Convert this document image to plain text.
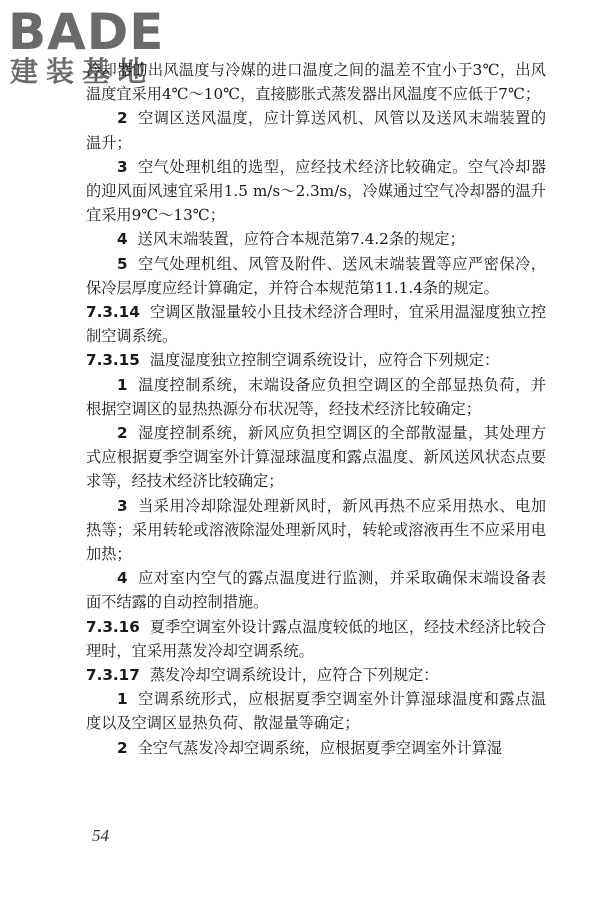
BADE
建装基地

冷却器的出风温度与冷媒的进口温度之间的温差不宜小于3℃，出风温度宜采用4℃～10℃，直接膨胀式蒸发器出风温度不应低于7℃；

2 空调区送风温度，应计算送风机、风管以及送风末端装置的温升；

3 空气处理机组的选型，应经技术经济比较确定。空气冷却器的迎风面风速宜采用1.5 m/s～2.3m/s，冷媒通过空气冷却器的温升宜采用9℃～13℃；

4 送风末端装置，应符合本规范第7.4.2条的规定；

5 空气处理机组、风管及附件、送风末端装置等应严密保冷，保冷层厚度应经计算确定，并符合本规范第11.1.4条的规定。

7.3.14 空调区散湿量较小且技术经济合理时，宜采用温湿度独立控制空调系统。

7.3.15 温度湿度独立控制空调系统设计，应符合下列规定：

1 温度控制系统，末端设备应负担空调区的全部显热负荷，并根据空调区的显热热源分布状况等，经技术经济比较确定；

2 湿度控制系统，新风应负担空调区的全部散湿量，其处理方式应根据夏季空调室外计算湿球温度和露点温度、新风送风状态点要求等，经技术经济比较确定；

3 当采用冷却除湿处理新风时，新风再热不应采用热水、电加热等；采用转轮或溶液除湿处理新风时，转轮或溶液再生不应采用电加热；

4 应对室内空气的露点温度进行监测，并采取确保末端设备表面不结露的自动控制措施。

7.3.16 夏季空调室外设计露点温度较低的地区，经技术经济比较合理时，宜采用蒸发冷却空调系统。

7.3.17 蒸发冷却空调系统设计，应符合下列规定：

1 空调系统形式，应根据夏季空调室外计算湿球温度和露点温度以及空调区显热负荷、散湿量等确定；

2 全空气蒸发冷却空调系统，应根据夏季空调室外计算湿

54
